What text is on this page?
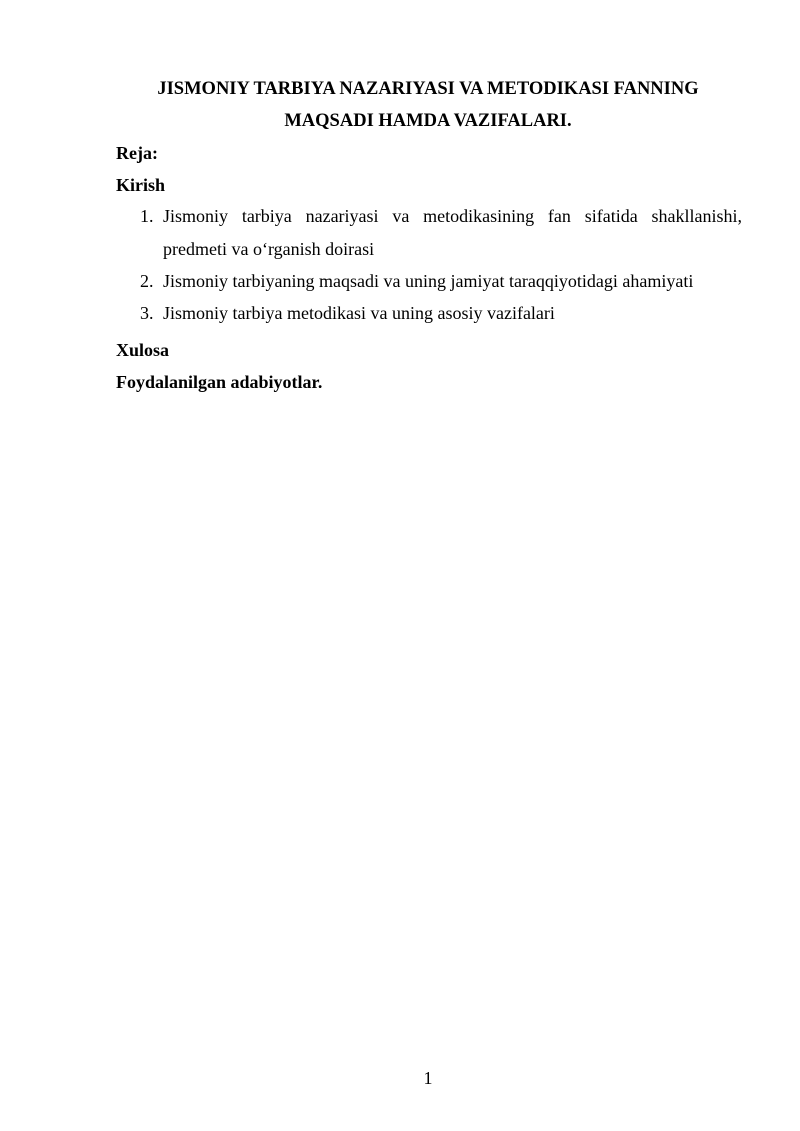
JISMONIY TARBIYA NAZARIYASI VA METODIKASI FANNING

MAQSADI HAMDA VAZIFALARI.

Reja:

Kirish

1. Jismoniy tarbiya nazariyasi va metodikasining fan sifatida shakllanishi, predmeti va o‘rganish doirasi
2. Jismoniy tarbiyaning maqsadi va uning jamiyat taraqqiyotidagi ahamiyati
3. Jismoniy tarbiya metodikasi va uning asosiy vazifalari

Xulosa

Foydalanilgan adabiyotlar.

1
